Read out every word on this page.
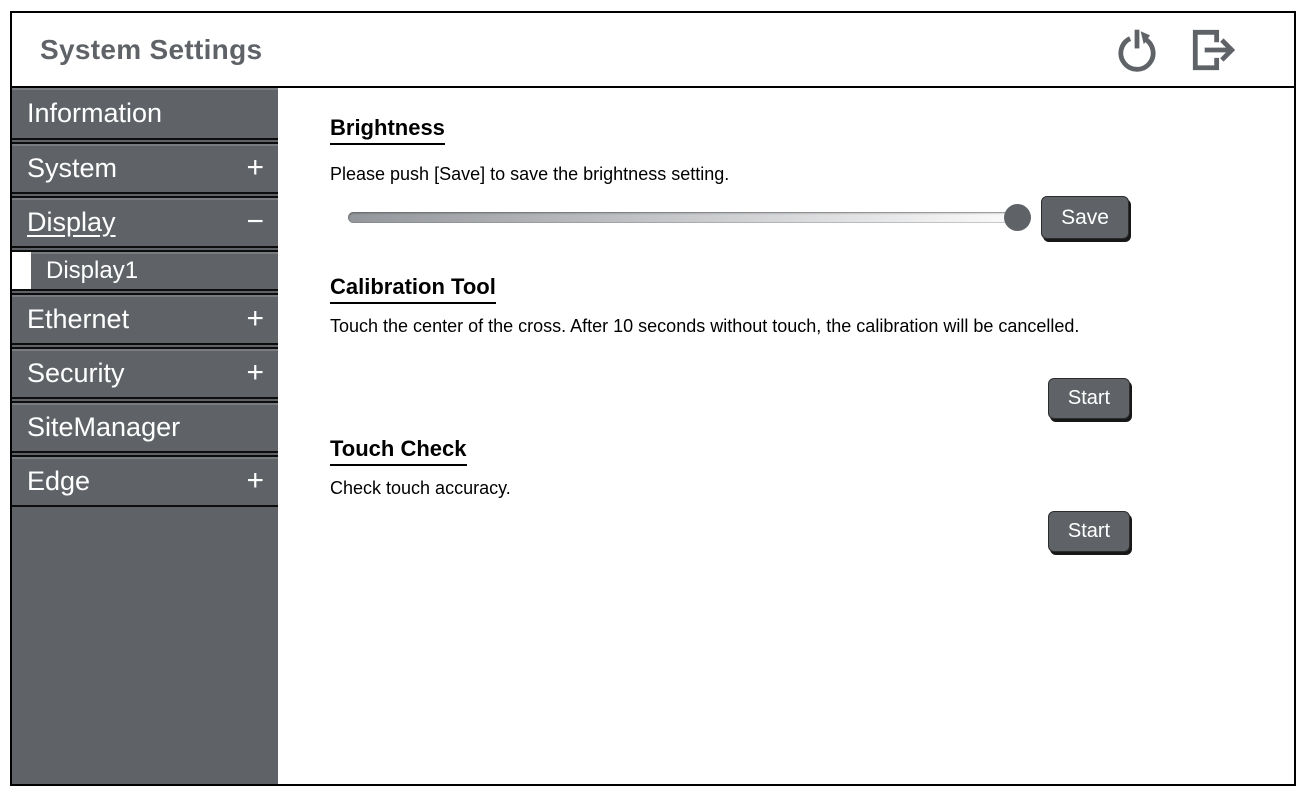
System Settings
Information
System	+
Display	−
Display1
Ethernet	+
Security	+
SiteManager
Edge	+
Brightness

Please push [Save] to save the brightness setting.

Save
Calibration Tool

Touch the center of the cross. After 10 seconds without touch, the calibration will be cancelled.

Start
Touch Check

Check touch accuracy.

Start
